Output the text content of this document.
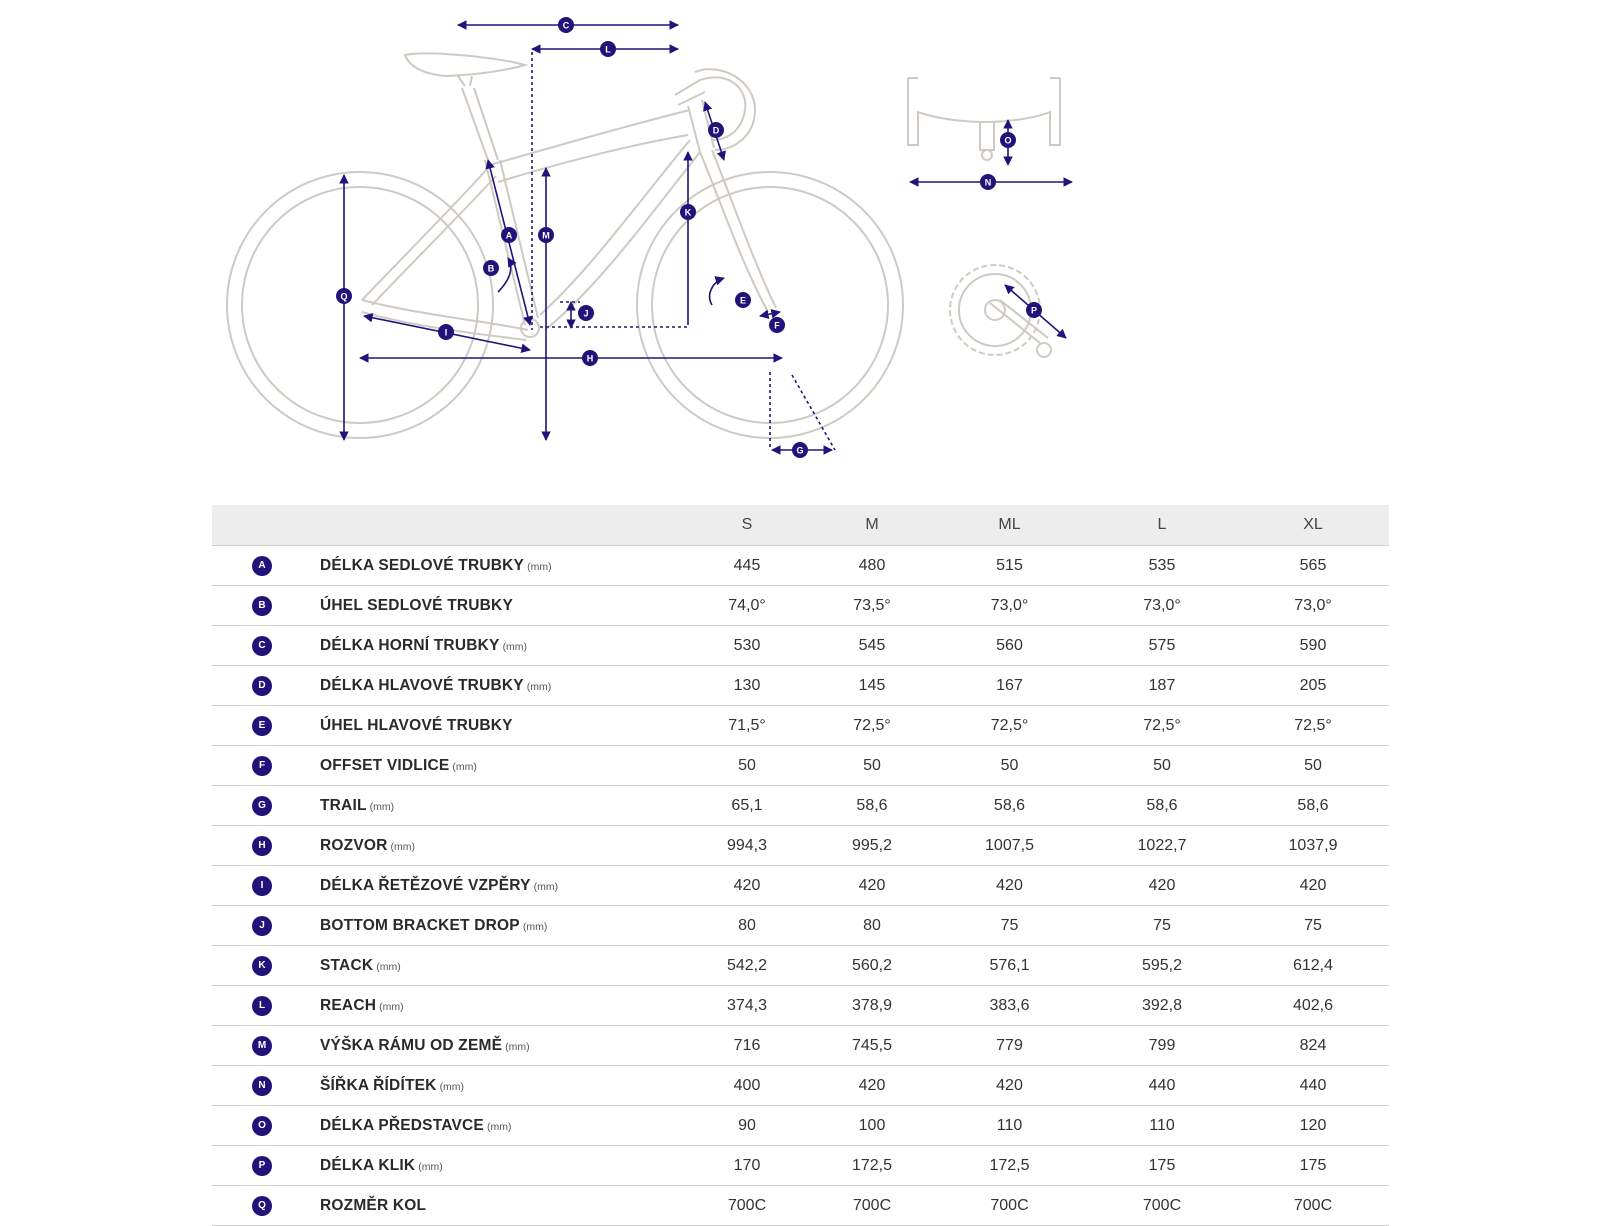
C
L
D
A
B
M
K
J
E
F
Q
I
H
G
O
N
P
		S	M	ML	L	XL
A	DÉLKA SEDLOVÉ TRUBKY (mm)	445	480	515	535	565
B	ÚHEL SEDLOVÉ TRUBKY	74,0°	73,5°	73,0°	73,0°	73,0°
C	DÉLKA HORNÍ TRUBKY (mm)	530	545	560	575	590
D	DÉLKA HLAVOVÉ TRUBKY (mm)	130	145	167	187	205
E	ÚHEL HLAVOVÉ TRUBKY	71,5°	72,5°	72,5°	72,5°	72,5°
F	OFFSET VIDLICE (mm)	50	50	50	50	50
G	TRAIL (mm)	65,1	58,6	58,6	58,6	58,6
H	ROZVOR (mm)	994,3	995,2	1007,5	1022,7	1037,9
I	DÉLKA ŘETĚZOVÉ VZPĚRY (mm)	420	420	420	420	420
J	BOTTOM BRACKET DROP (mm)	80	80	75	75	75
K	STACK (mm)	542,2	560,2	576,1	595,2	612,4
L	REACH (mm)	374,3	378,9	383,6	392,8	402,6
M	VÝŠKA RÁMU OD ZEMĚ (mm)	716	745,5	779	799	824
N	ŠÍŘKA ŘÍDÍTEK (mm)	400	420	420	440	440
O	DÉLKA PŘEDSTAVCE (mm)	90	100	110	110	120
P	DÉLKA KLIK (mm)	170	172,5	172,5	175	175
Q	ROZMĚR KOL	700C	700C	700C	700C	700C
